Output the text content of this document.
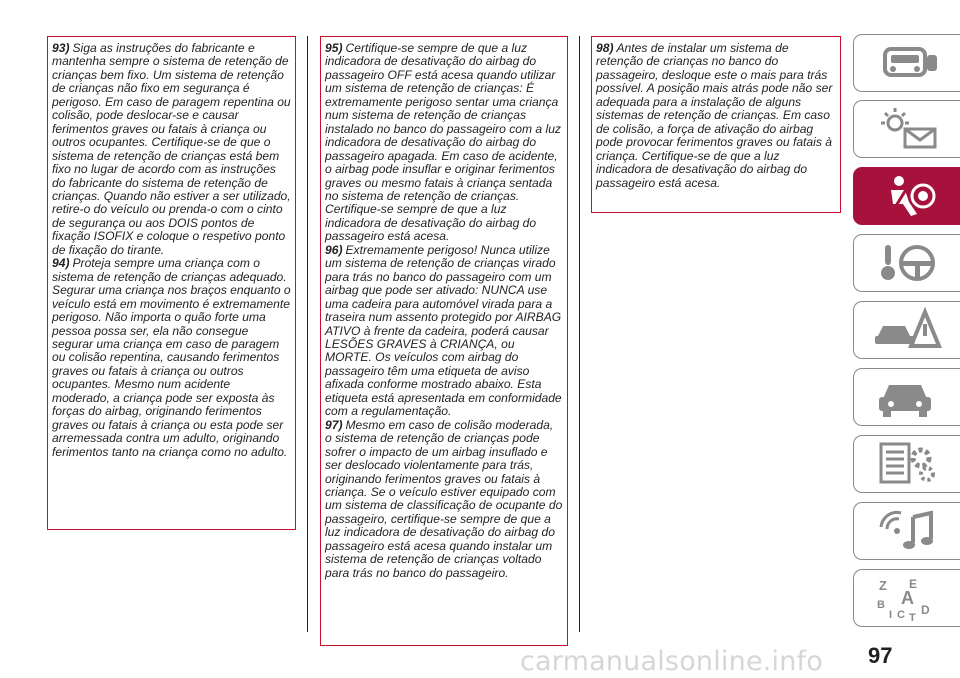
93) Siga as instruções do fabricante e mantenha sempre o sistema de retenção de crianças bem fixo. Um sistema de retenção de crianças não fixo em segurança é perigoso. Em caso de paragem repentina ou colisão, pode deslocar-se e causar ferimentos graves ou fatais à criança ou outros ocupantes. Certifique-se de que o sistema de retenção de crianças está bem fixo no lugar de acordo com as instruções do fabricante do sistema de retenção de crianças. Quando não estiver a ser utilizado, retire-o do veículo ou prenda-o com o cinto de segurança ou aos DOIS pontos de fixação ISOFIX e coloque o respetivo ponto de fixação do tirante.

94) Proteja sempre uma criança com o sistema de retenção de crianças adequado. Segurar uma criança nos braços enquanto o veículo está em movimento é extremamente perigoso. Não importa o quão forte uma pessoa possa ser, ela não consegue segurar uma criança em caso de paragem ou colisão repentina, causando ferimentos graves ou fatais à criança ou outros ocupantes. Mesmo num acidente moderado, a criança pode ser exposta às forças do airbag, originando ferimentos graves ou fatais à criança ou esta pode ser arremessada contra um adulto, originando ferimentos tanto na criança como no adulto.

95) Certifique-se sempre de que a luz indicadora de desativação do airbag do passageiro OFF está acesa quando utilizar um sistema de retenção de crianças: É extremamente perigoso sentar uma criança num sistema de retenção de crianças instalado no banco do passageiro com a luz indicadora de desativação do airbag do passageiro apagada. Em caso de acidente, o airbag pode insuflar e originar ferimentos graves ou mesmo fatais à criança sentada no sistema de retenção de crianças. Certifique-se sempre de que a luz indicadora de desativação do airbag do passageiro está acesa.

96) Extremamente perigoso! Nunca utilize um sistema de retenção de crianças virado para trás no banco do passageiro com um airbag que pode ser ativado: NUNCA use uma cadeira para automóvel virada para a traseira num assento protegido por AIRBAG ATIVO à frente da cadeira, poderá causar LESÕES GRAVES à CRIANÇA, ou MORTE. Os veículos com airbag do passageiro têm uma etiqueta de aviso afixada conforme mostrado abaixo. Esta etiqueta está apresentada em conformidade com a regulamentação.

97) Mesmo em caso de colisão moderada, o sistema de retenção de crianças pode sofrer o impacto de um airbag insuflado e ser deslocado violentamente para trás, originando ferimentos graves ou fatais à criança. Se o veículo estiver equipado com um sistema de classificação de ocupante do passageiro, certifique-se sempre de que a luz indicadora de desativação do airbag do passageiro está acesa quando instalar um sistema de retenção de crianças voltado para trás no banco do passageiro.

98) Antes de instalar um sistema de retenção de crianças no banco do passageiro, desloque este o mais para trás possível. A posição mais atrás pode não ser adequada para a instalação de alguns sistemas de retenção de crianças. Em caso de colisão, a força de ativação do airbag pode provocar ferimentos graves ou fatais à criança. Certifique-se de que a luz indicadora de desativação do airbag do passageiro está acesa.

Z E
B A
I C D
T
97
carmanualsonline.info
